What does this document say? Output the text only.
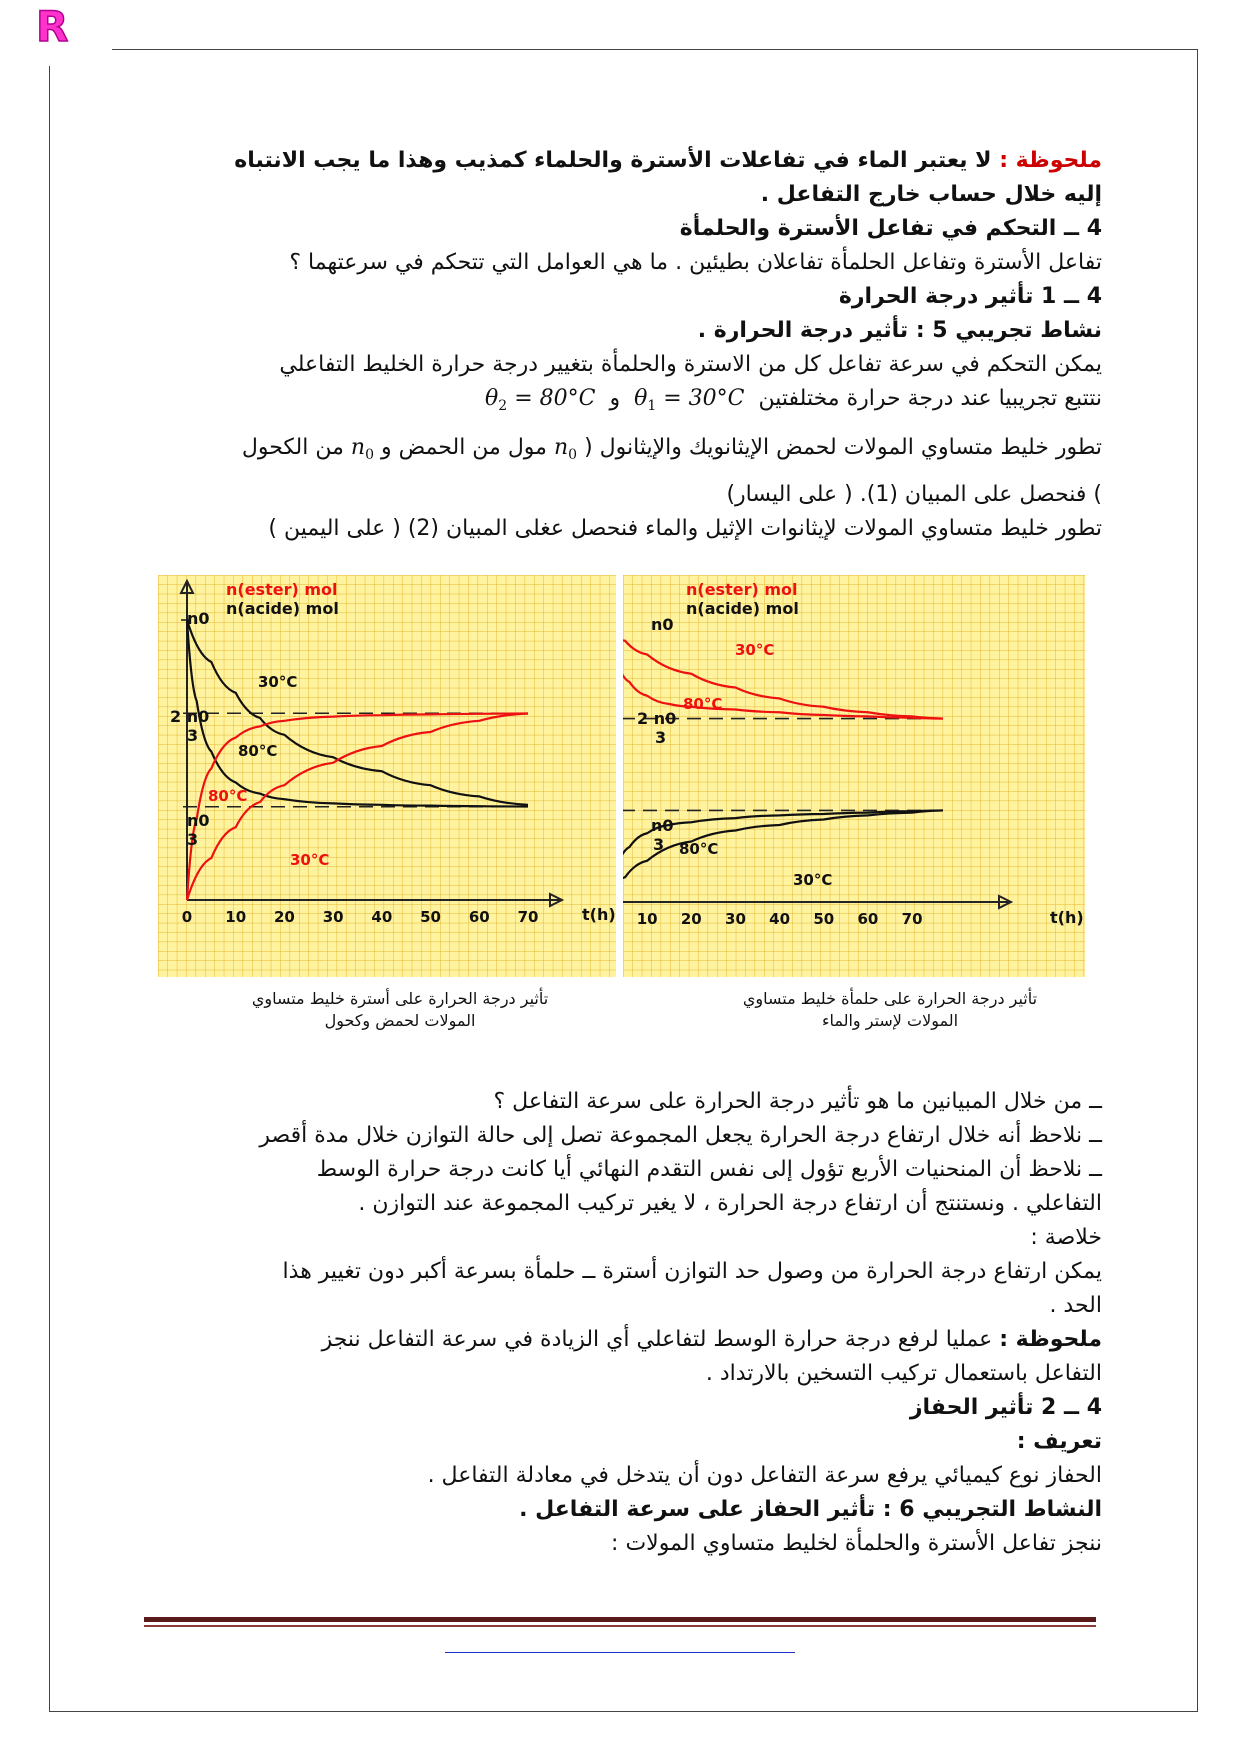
R

ملحوظة : لا يعتبر الماء في تفاعلات الأسترة والحلماء كمذيب وهذا ما يجب الانتباه

إليه خلال حساب خارج التفاعل .

4 ــ التحكم في تفاعل الأسترة والحلمأة

تفاعل الأسترة وتفاعل الحلمأة تفاعلان بطيئين . ما هي العوامل التي تتحكم في سرعتهما ؟

4 ــ 1 تأثير درجة الحرارة

نشاط تجريبي 5 : تأثير درجة الحرارة .

يمكن التحكم في سرعة تفاعل كل من الاسترة والحلمأة بتغيير درجة حرارة الخليط التفاعلي

نتتبع تجريبيا عند درجة حرارة مختلفتين  $\theta_1 = 30^\circ C$  و  $\theta_2 = 80^\circ C$

تطور خليط متساوي المولات لحمض الإيثانويك والإيثانول ( $n_0$ مول من الحمض و $n_0$ من الكحول

) فنحصل على المبيان (1). ( على اليسار)

تطور خليط متساوي المولات لإيثانوات الإثيل والماء فنحصل عغلى المبيان (2) ( على اليمين )

0 10 20 30 40 50 60 70
n(ester) mol
n(acide) mol
n0
2 n0
3
n0
3
t(h)
30°C
80°C
80°C
30°C
تأثير درجة الحرارة على أسترة خليط متساوي
المولات لحمض وكحول
10 20 30 40 50 60 70
n(ester) mol
n(acide) mol
n0
2 n0
3
n0
3
t(h)
30°C
80°C
80°C
30°C
تأثير درجة الحرارة على حلمأة خليط متساوي
المولات لإستر والماء

ــ من خلال المبيانين ما هو تأثير درجة الحرارة على سرعة التفاعل ؟

ــ نلاحظ أنه خلال ارتفاع درجة الحرارة يجعل المجموعة تصل إلى حالة التوازن خلال مدة أقصر

ــ نلاحظ أن المنحنيات الأربع تؤول إلى نفس التقدم النهائي أيا كانت درجة حرارة الوسط

التفاعلي . ونستنتج أن ارتفاع درجة الحرارة ، لا يغير تركيب المجموعة عند التوازن .

خلاصة :

يمكن ارتفاع درجة الحرارة من وصول حد التوازن أسترة ــ حلمأة بسرعة أكبر دون تغيير هذا

الحد .

ملحوظة : عمليا لرفع درجة حرارة الوسط لتفاعلي أي الزيادة في سرعة التفاعل ننجز

التفاعل باستعمال تركيب التسخين بالارتداد .

4 ــ 2 تأثير الحفاز

تعريف :

الحفاز نوع كيميائي يرفع سرعة التفاعل دون أن يتدخل في معادلة التفاعل .

النشاط التجريبي 6 : تأثير الحفاز على سرعة التفاعل .

ننجز تفاعل الأسترة والحلمأة لخليط متساوي المولات :
